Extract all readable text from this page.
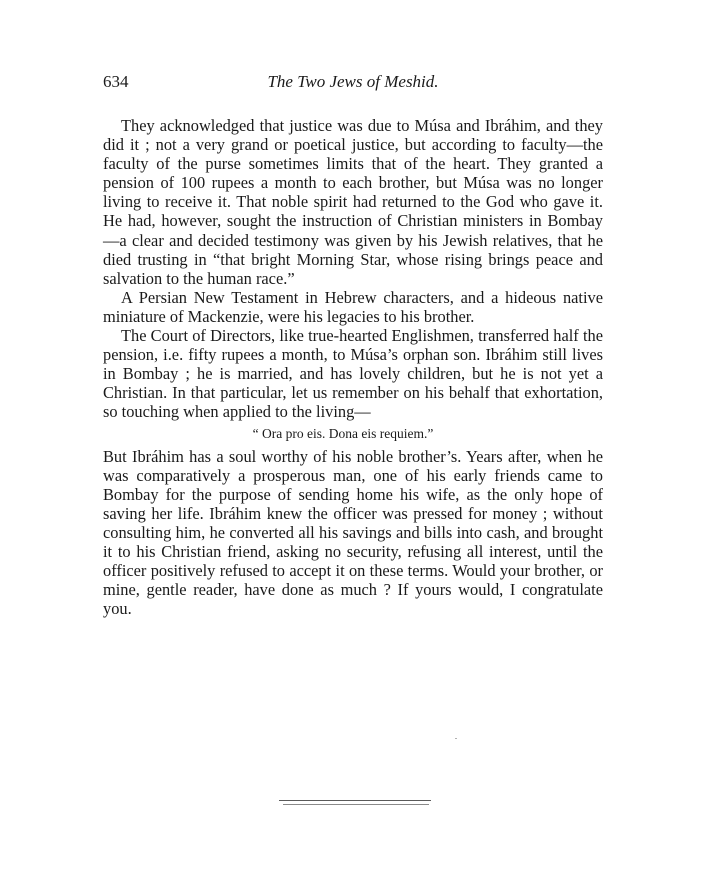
634	The Two Jews of Meshid.

They acknowledged that justice was due to Músa and Ibráhim, and they did it ; not a very grand or poetical justice, but according to faculty—the faculty of the purse sometimes limits that of the heart. They granted a pension of 100 rupees a month to each brother, but Músa was no longer living to receive it. That noble spirit had returned to the God who gave it. He had, however, sought the instruction of Christian ministers in Bombay—a clear and decided testimony was given by his Jewish relatives, that he died trusting in “that bright Morning Star, whose rising brings peace and salvation to the human race.”

A Persian New Testament in Hebrew characters, and a hideous native miniature of Mackenzie, were his legacies to his brother.

The Court of Directors, like true-hearted Englishmen, transferred half the pension, i.e. fifty rupees a month, to Músa’s orphan son. Ibráhim still lives in Bombay ; he is married, and has lovely children, but he is not yet a Christian. In that particular, let us remember on his behalf that exhortation, so touching when applied to the living—

“ Ora pro eis. Dona eis requiem.”

But Ibráhim has a soul worthy of his noble brother’s. Years after, when he was comparatively a prosperous man, one of his early friends came to Bombay for the purpose of sending home his wife, as the only hope of saving her life. Ibráhim knew the officer was pressed for money ; without consulting him, he converted all his savings and bills into cash, and brought it to his Christian friend, asking no security, refusing all interest, until the officer positively refused to accept it on these terms. Would your brother, or mine, gentle reader, have done as much ? If yours would, I congratulate you.
